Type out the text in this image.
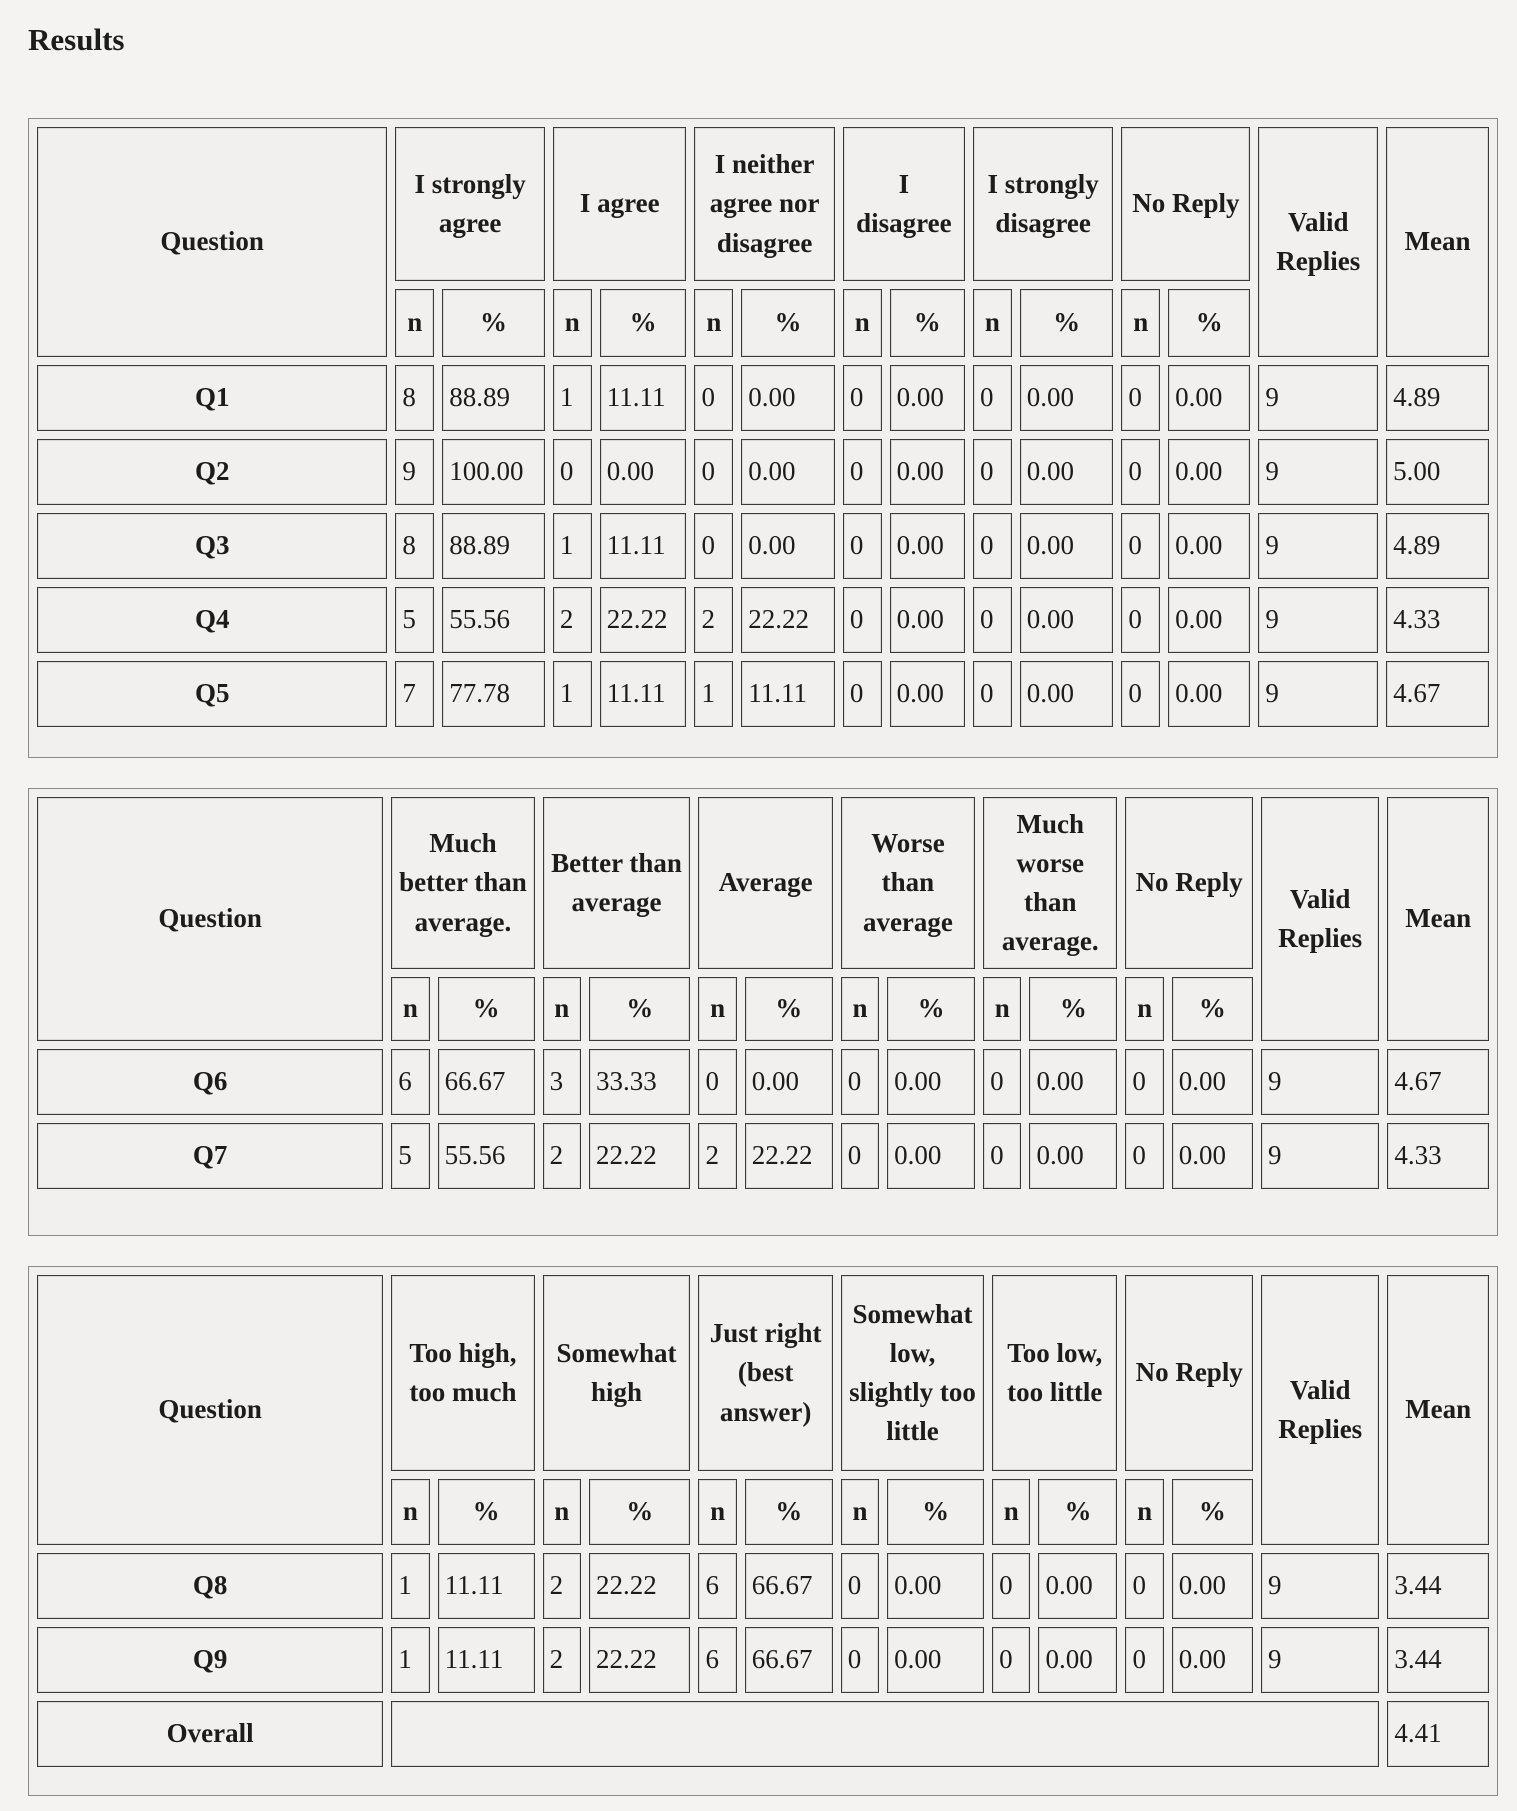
Results
Question	I strongly agree		I agree		I neither agree nor disagree		I disagree		I strongly disagree		No Reply		Valid Replies	Mean
	n	%	n	%	n	%	n	%	n	%	n	%		
Q1	8	88.89	1	11.11	0	0.00	0	0.00	0	0.00	0	0.00	9	4.89
Q2	9	100.00	0	0.00	0	0.00	0	0.00	0	0.00	0	0.00	9	5.00
Q3	8	88.89	1	11.11	0	0.00	0	0.00	0	0.00	0	0.00	9	4.89
Q4	5	55.56	2	22.22	2	22.22	0	0.00	0	0.00	0	0.00	9	4.33
Q5	7	77.78	1	11.11	1	11.11	0	0.00	0	0.00	0	0.00	9	4.67
Question	Much better than average.		Better than average		Average		Worse than average		Much worse than average.		No Reply		Valid Replies	Mean
	n	%	n	%	n	%	n	%	n	%	n	%		
Q6	6	66.67	3	33.33	0	0.00	0	0.00	0	0.00	0	0.00	9	4.67
Q7	5	55.56	2	22.22	2	22.22	0	0.00	0	0.00	0	0.00	9	4.33
Question	Too high, too much		Somewhat high		Just right (best answer)		Somewhat low, slightly too little		Too low, too little		No Reply		Valid Replies	Mean
	n	%	n	%	n	%	n	%	n	%	n	%		
Q8	1	11.11	2	22.22	6	66.67	0	0.00	0	0.00	0	0.00	9	3.44
Q9	1	11.11	2	22.22	6	66.67	0	0.00	0	0.00	0	0.00	9	3.44
Overall														4.41
